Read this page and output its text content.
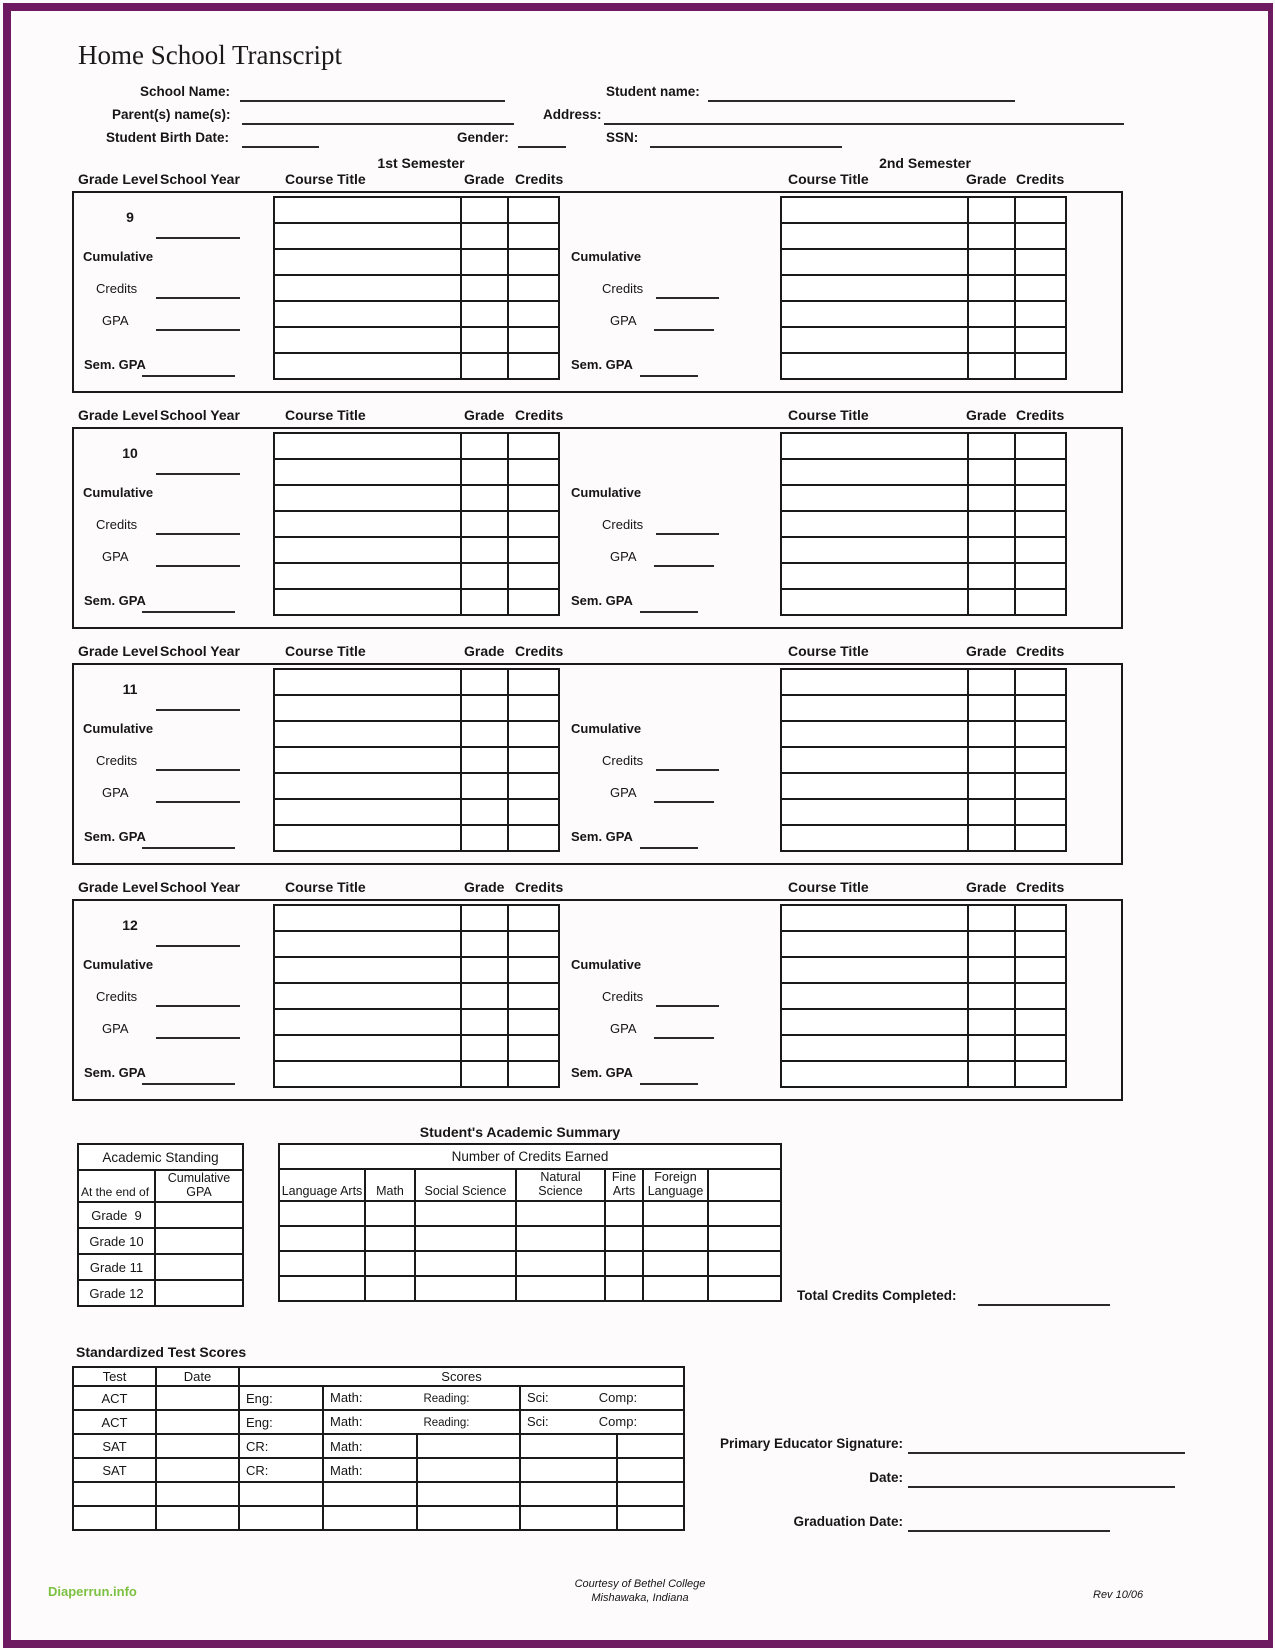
Home School Transcript
School Name:	Student name:
Parent(s) name(s):	Address:
Student Birth Date:	Gender:	SSN:
1st Semester	2nd Semester
Grade Level School Year	Course Title	Grade Credits	Course Title	Grade Credits
9
Cumulative
Credits
GPA
Sem. GPA

Cumulative
Credits
GPA
Sem. GPA

Grade Level School Year	Course Title	Grade Credits	Course Title	Grade Credits
10
Cumulative
Credits
GPA
Sem. GPA

Cumulative
Credits
GPA
Sem. GPA

Grade Level School Year	Course Title	Grade Credits	Course Title	Grade Credits
11
Cumulative
Credits
GPA
Sem. GPA

Cumulative
Credits
GPA
Sem. GPA

Grade Level School Year	Course Title	Grade Credits	Course Title	Grade Credits
12
Cumulative
Credits
GPA
Sem. GPA

Cumulative
Credits
GPA
Sem. GPA

Student's Academic Summary
Academic Standing	
At the end of	Cumulative GPA
Grade  9	
Grade 10	
Grade 11	
Grade 12	
Number of Credits Earned						
Language Arts	Math	Social Science	Natural Science	Fine Arts	Foreign Language	

Total Credits Completed:
Standardized Test Scores
Test	Date	Scores				
ACT		Eng:	Math: Reading:		Sci: Comp:	

ACT		Eng:	Math: Reading:		Sci: Comp:	

SAT		CR:	Math:			
SAT		CR:	Math:			

Primary Educator Signature:
Date:
Graduation Date:
Diaperrun.info	Courtesy of Bethel College
Mishawaka, Indiana	Rev 10/06
